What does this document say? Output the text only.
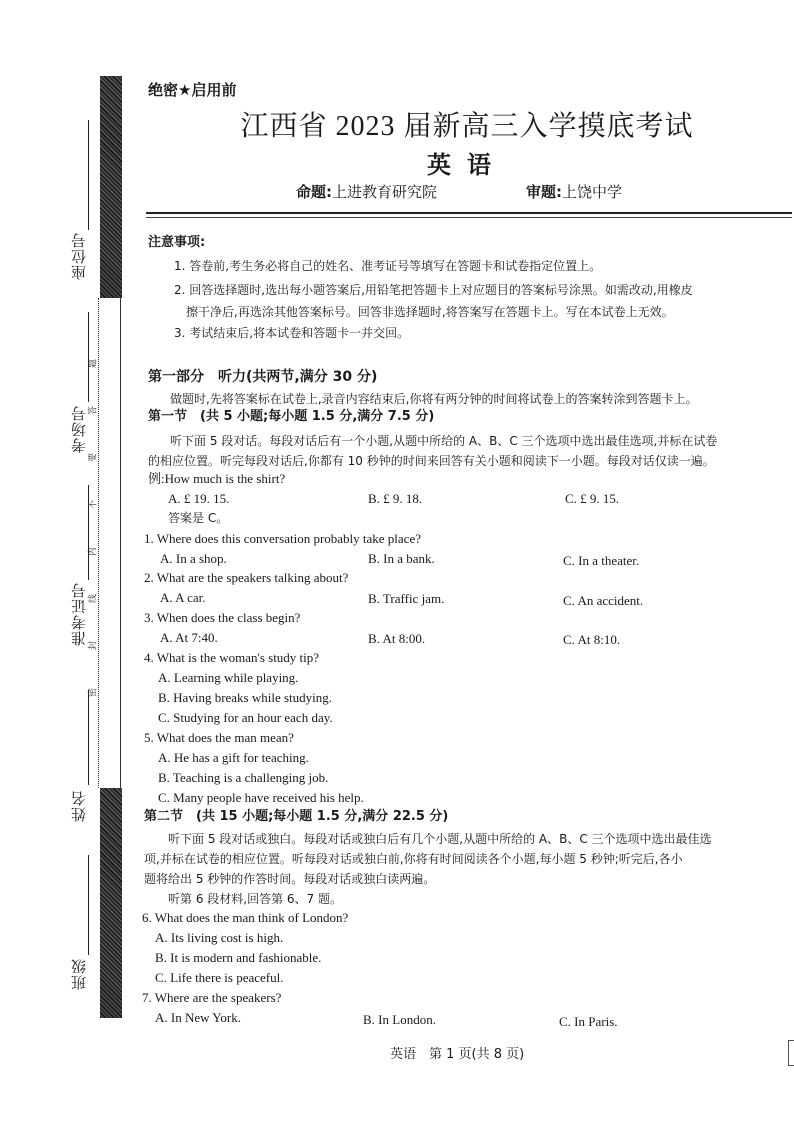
题
答
要
不
内
线
封
密
座位号
考场号
准考证号
姓名
班级
绝密★启用前
江西省 2023 届新高三入学摸底考试
英语
命题:上进教育研究院	审题:上饶中学
注意事项:
1. 答卷前,考生务必将自己的姓名、准考证号等填写在答题卡和试卷指定位置上。
2. 回答选择题时,选出每小题答案后,用铅笔把答题卡上对应题目的答案标号涂黑。如需改动,用橡皮
擦干净后,再选涂其他答案标号。回答非选择题时,将答案写在答题卡上。写在本试卷上无效。
3. 考试结束后,将本试卷和答题卡一并交回。
第一部分　听力(共两节,满分 30 分)
做题时,先将答案标在试卷上,录音内容结束后,你将有两分钟的时间将试卷上的答案转涂到答题卡上。
第一节　(共 5 小题;每小题 1.5 分,满分 7.5 分)
听下面 5 段对话。每段对话后有一个小题,从题中所给的 A、B、C 三个选项中选出最佳选项,并标在试卷
的相应位置。听完每段对话后,你都有 10 秒钟的时间来回答有关小题和阅读下一小题。每段对话仅读一遍。
例:How much is the shirt?
A. £ 19. 15.	B. £ 9. 18.	C. £ 9. 15.
答案是 C。
1. Where does this conversation probably take place?
A. In a shop.	B. In a bank.	C. In a theater.
2. What are the speakers talking about?
A. A car.	B. Traffic jam.	C. An accident.
3. When does the class begin?
A. At 7:40.	B. At 8:00.	C. At 8:10.
4. What is the woman's study tip?
A. Learning while playing.
B. Having breaks while studying.
C. Studying for an hour each day.
5. What does the man mean?
A. He has a gift for teaching.
B. Teaching is a challenging job.
C. Many people have received his help.
第二节　(共 15 小题;每小题 1.5 分,满分 22.5 分)
听下面 5 段对话或独白。每段对话或独白后有几个小题,从题中所给的 A、B、C 三个选项中选出最佳选
项,并标在试卷的相应位置。听每段对话或独白前,你将有时间阅读各个小题,每小题 5 秒钟;听完后,各小
题将给出 5 秒钟的作答时间。每段对话或独白读两遍。
听第 6 段材料,回答第 6、7 题。
6. What does the man think of London?
A. Its living cost is high.
B. It is modern and fashionable.
C. Life there is peaceful.
7. Where are the speakers?
A. In New York.	B. In London.	C. In Paris.
英语　第 1 页(共 8 页)
